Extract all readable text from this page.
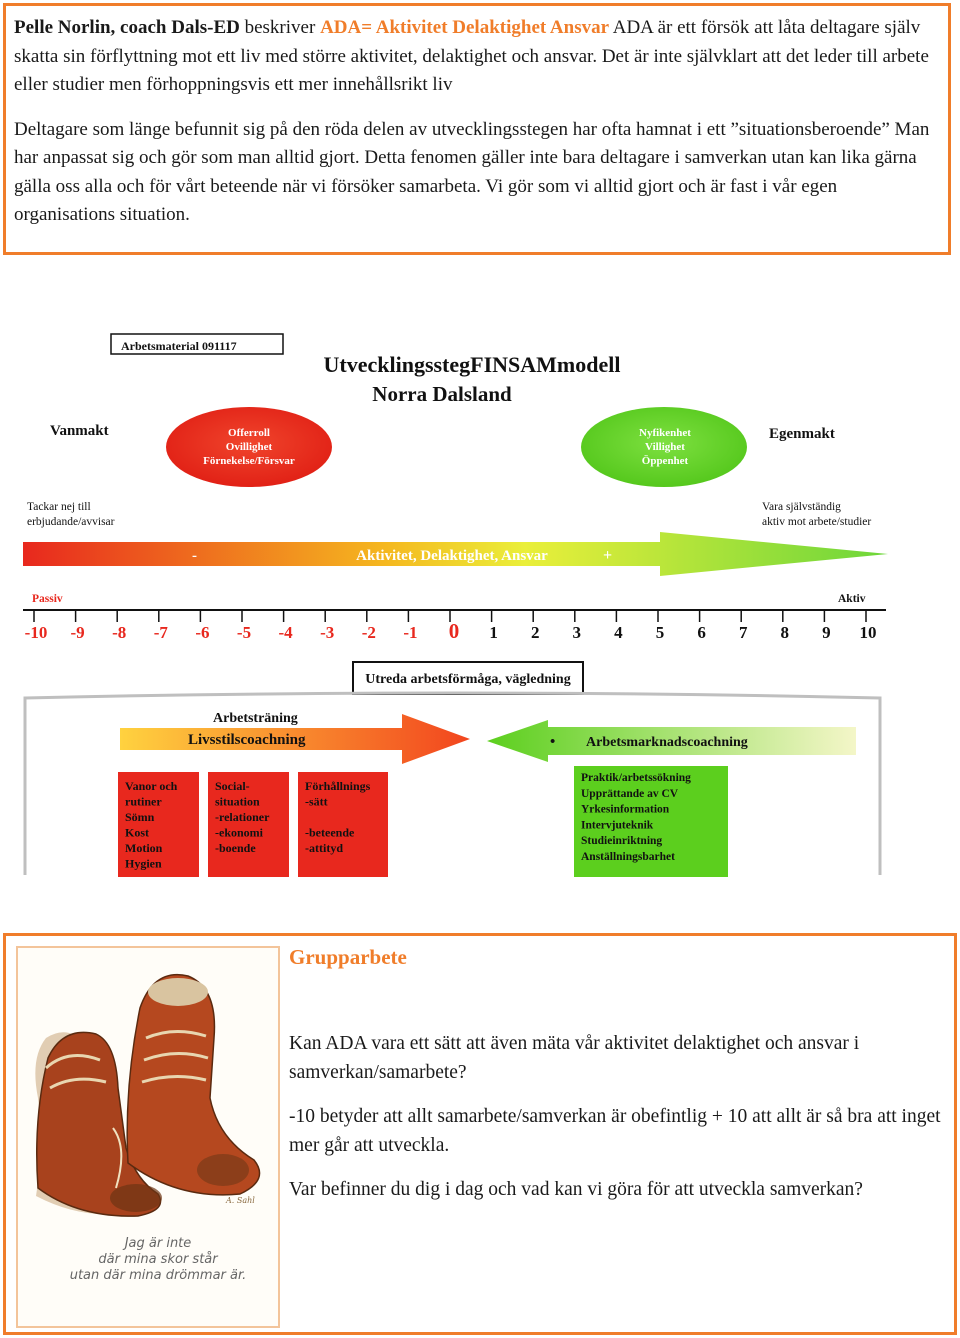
Pelle Norlin, coach Dals-ED beskriver ADA= Aktivitet Delaktighet Ansvar ADA är ett försök att låta deltagare själv skatta sin förflyttning mot ett liv med större aktivitet, delaktighet och ansvar. Det är inte självklart att det leder till arbete eller studier men förhoppningsvis ett mer innehållsrikt liv

Deltagare som länge befunnit sig på den röda delen av utvecklingsstegen har ofta hamnat i ett ”situationsberoende” Man har anpassat sig och gör som man alltid gjort. Detta fenomen gäller inte bara deltagare i samverkan utan kan lika gärna gälla oss alla och för vårt beteende när vi försöker samarbeta. Vi gör som vi alltid gjort och är fast i vår egen organisations situation.

Arbetsmaterial 091117
UtvecklingsstegFINSAMmodell
Norra Dalsland
Vanmakt	Egenmakt
Offerroll
Ovillighet
Förnekelse/Försvar
Nyfikenhet
Villighet
Öppenhet
Tackar nej till
erbjudande/avvisar
Vara självständig
aktiv mot arbete/studier
-	Aktivitet, Delaktighet, Ansvar	+
Passiv	Aktiv
-10 -9 -8 -7 -6 -5 -4 -3 -2 -1 0 1 2 3 4 5 6 7 8 9 10
Utreda arbetsförmåga, vägledning
Arbetsträning
Livsstilscoachning	• Arbetsmarknadscoachning
Vanor och
rutiner
Sömn
Kost
Motion
Hygien
Social-
situation
-relationer
-ekonomi
-boende
Förhållnings
-sätt
-beteende
-attityd
Praktik/arbetssökning
Upprättande av CV
Yrkesinformation
Intervjuteknik
Studieinriktning
Anställningsbarhet
A. Sahl
Jag är inte
där mina skor står
utan där mina drömmar är.

Grupparbete

Kan ADA vara ett sätt att även mäta vår aktivitet delaktighet och ansvar i samverkan/samarbete?

-10 betyder att allt samarbete/samverkan är obefintlig + 10 att allt är så bra att inget mer går att utveckla.

Var befinner du dig i dag och vad kan vi göra för att utveckla samverkan?
